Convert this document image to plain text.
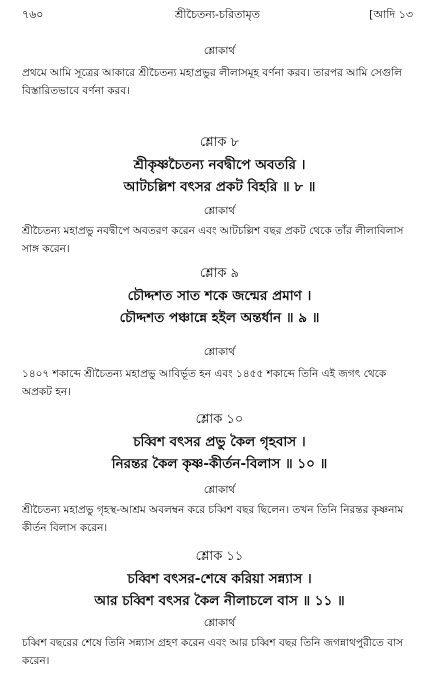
৭৬০	শ্রীচৈতন্য-চরিতামৃত	[আদি ১৩
শ্লোকার্থ
প্রথমে আমি সূত্রের আকারে শ্রীচৈতন্য মহাপ্রভুর লীলাসমূহ বর্ণনা করব। তারপর আমি সেগুলি বিস্তারিতভাবে বর্ণনা করব।
শ্লোক ৮
শ্রীকৃষ্ণচৈতন্য নবদ্বীপে অবতরি ।
আটচল্লিশ বৎসর প্রকট বিহরি ॥ ৮ ॥
শ্লোকার্থ
শ্রীচৈতন্য মহাপ্রভু নবদ্বীপে অবতরণ করেন এবং আটচল্লিশ বছর প্রকট থেকে তাঁর লীলাবিলাস সাঙ্গ করেন।
শ্লোক ৯
চৌদ্দশত সাত শকে জন্মের প্রমাণ ।
চৌদ্দশত পঞ্চান্নে হইল অন্তর্ধান ॥ ৯ ॥
শ্লোকার্থ
১৪০৭ শকাব্দে শ্রীচৈতন্য মহাপ্রভু আবির্ভূত হন এবং ১৪৫৫ শকাব্দে তিনি এই জগৎ থেকে অপ্রকট হন।
শ্লোক ১০
চব্বিশ বৎসর প্রভু কৈল গৃহবাস ।
নিরন্তর কৈল কৃষ্ণ-কীর্তন-বিলাস ॥ ১০ ॥
শ্লোকার্থ
শ্রীচৈতন্য মহাপ্রভু গৃহস্থ-আশ্রম অবলম্বন করে চব্বিশ বছর ছিলেন। তখন তিনি নিরন্তর কৃষ্ণনাম কীর্তন বিলাস করেন।
শ্লোক ১১
চব্বিশ বৎসর-শেষে করিয়া সন্ন্যাস ।
আর চব্বিশ বৎসর কৈল নীলাচলে বাস ॥ ১১ ॥
শ্লোকার্থ
চব্বিশ বছরের শেষে তিনি সন্ন্যাস গ্রহণ করেন এবং আর চব্বিশ বছর তিনি জগন্নাথপুরীতে বাস করেন।
